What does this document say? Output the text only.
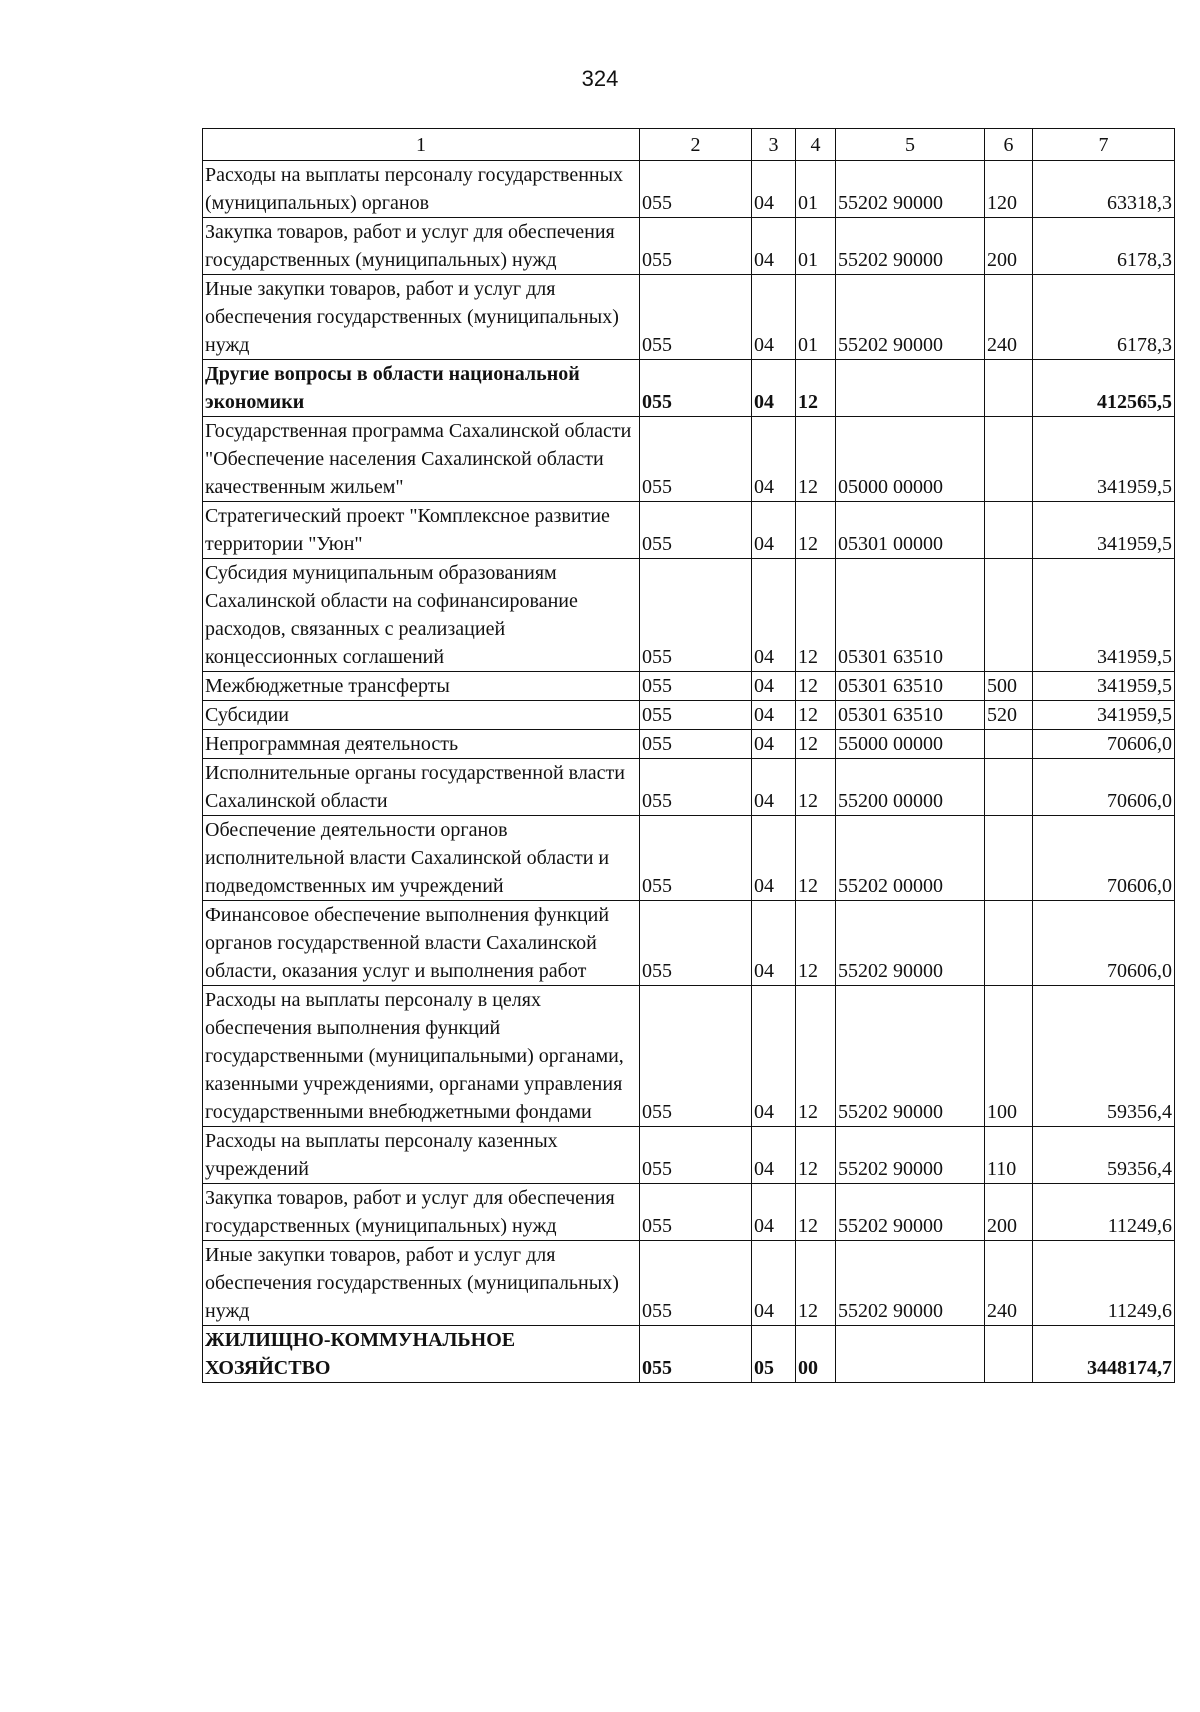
324
1	2	3	4	5	6	7
Расходы на выплаты персоналу государственных (муниципальных) органов	055	04	01	55202 90000	120	63318,3
Закупка товаров, работ и услуг для обеспечения государственных (муниципальных) нужд	055	04	01	55202 90000	200	6178,3
Иные закупки товаров, работ и услуг для обеспечения государственных (муниципальных) нужд	055	04	01	55202 90000	240	6178,3
Другие вопросы в области национальной экономики	055	04	12			412565,5
Государственная программа Сахалинской области "Обеспечение населения Сахалинской области качественным жильем"	055	04	12	05000 00000		341959,5
Стратегический проект "Комплексное развитие территории "Уюн"	055	04	12	05301 00000		341959,5
Субсидия муниципальным образованиям Сахалинской области на софинансирование расходов, связанных с реализацией концессионных соглашений	055	04	12	05301 63510		341959,5
Межбюджетные трансферты	055	04	12	05301 63510	500	341959,5
Субсидии	055	04	12	05301 63510	520	341959,5
Непрограммная деятельность	055	04	12	55000 00000		70606,0
Исполнительные органы государственной власти Сахалинской области	055	04	12	55200 00000		70606,0
Обеспечение деятельности органов исполнительной власти Сахалинской области и подведомственных им учреждений	055	04	12	55202 00000		70606,0
Финансовое обеспечение выполнения функций органов государственной власти Сахалинской области, оказания услуг и выполнения работ	055	04	12	55202 90000		70606,0
Расходы на выплаты персоналу в целях обеспечения выполнения функций государственными (муниципальными) органами, казенными учреждениями, органами управления государственными внебюджетными фондами	055	04	12	55202 90000	100	59356,4
Расходы на выплаты персоналу казенных учреждений	055	04	12	55202 90000	110	59356,4
Закупка товаров, работ и услуг для обеспечения государственных (муниципальных) нужд	055	04	12	55202 90000	200	11249,6
Иные закупки товаров, работ и услуг для обеспечения государственных (муниципальных) нужд	055	04	12	55202 90000	240	11249,6
ЖИЛИЩНО-КОММУНАЛЬНОЕ ХОЗЯЙСТВО	055	05	00			3448174,7
